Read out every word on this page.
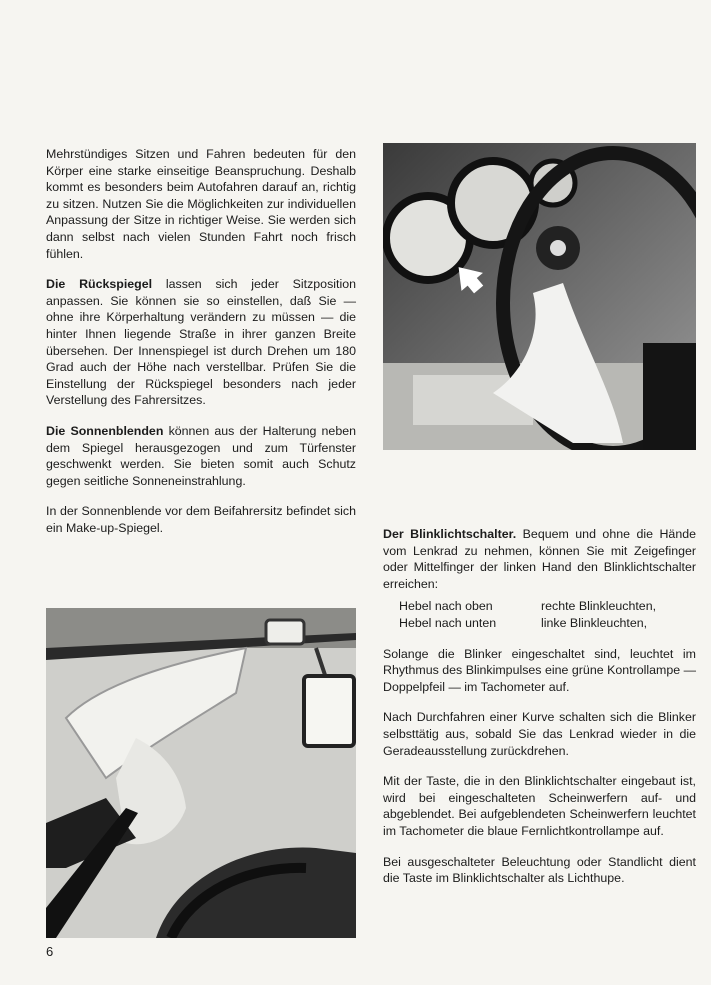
Mehrstündiges Sitzen und Fahren bedeuten für den Körper eine starke einseitige Beanspruchung. Deshalb kommt es besonders beim Autofahren darauf an, richtig zu sitzen. Nutzen Sie die Möglichkeiten zur individuellen Anpassung der Sitze in richtiger Weise. Sie werden sich dann selbst nach vielen Stunden Fahrt noch frisch fühlen.

Die Rückspiegel lassen sich jeder Sitzposition anpassen. Sie können sie so einstellen, daß Sie — ohne ihre Körperhaltung verändern zu müssen — die hinter Ihnen liegende Straße in ihrer ganzen Breite übersehen. Der Innenspiegel ist durch Drehen um 180 Grad auch der Höhe nach verstellbar. Prüfen Sie die Einstellung der Rückspiegel besonders nach jeder Verstellung des Fahrersitzes.

Die Sonnenblenden können aus der Halterung neben dem Spiegel herausgezogen und zum Türfenster geschwenkt werden. Sie bieten somit auch Schutz gegen seitliche Sonneneinstrahlung.

In der Sonnenblende vor dem Beifahrersitz befindet sich ein Make-up-Spiegel.	Der Blinklichtschalter. Bequem und ohne die Hände vom Lenkrad zu nehmen, können Sie mit Zeigefinger oder Mittelfinger der linken Hand den Blinklichtschalter erreichen:

Hebel nach oben	rechte Blinkleuchten,
Hebel nach unten	linke Blinkleuchten,

Solange die Blinker eingeschaltet sind, leuchtet im Rhythmus des Blinkimpulses eine grüne Kontrollampe — Doppelpfeil — im Tachometer auf.

Nach Durchfahren einer Kurve schalten sich die Blinker selbsttätig aus, sobald Sie das Lenkrad wieder in die Geradeausstellung zurückdrehen.

Mit der Taste, die in den Blinklichtschalter eingebaut ist, wird bei eingeschalteten Scheinwerfern auf- und abgeblendet. Bei aufgeblendeten Scheinwerfern leuchtet im Tachometer die blaue Fernlichtkontrollampe auf.

Bei ausgeschalteter Beleuchtung oder Standlicht dient die Taste im Blinklichtschalter als Lichthupe.

6
